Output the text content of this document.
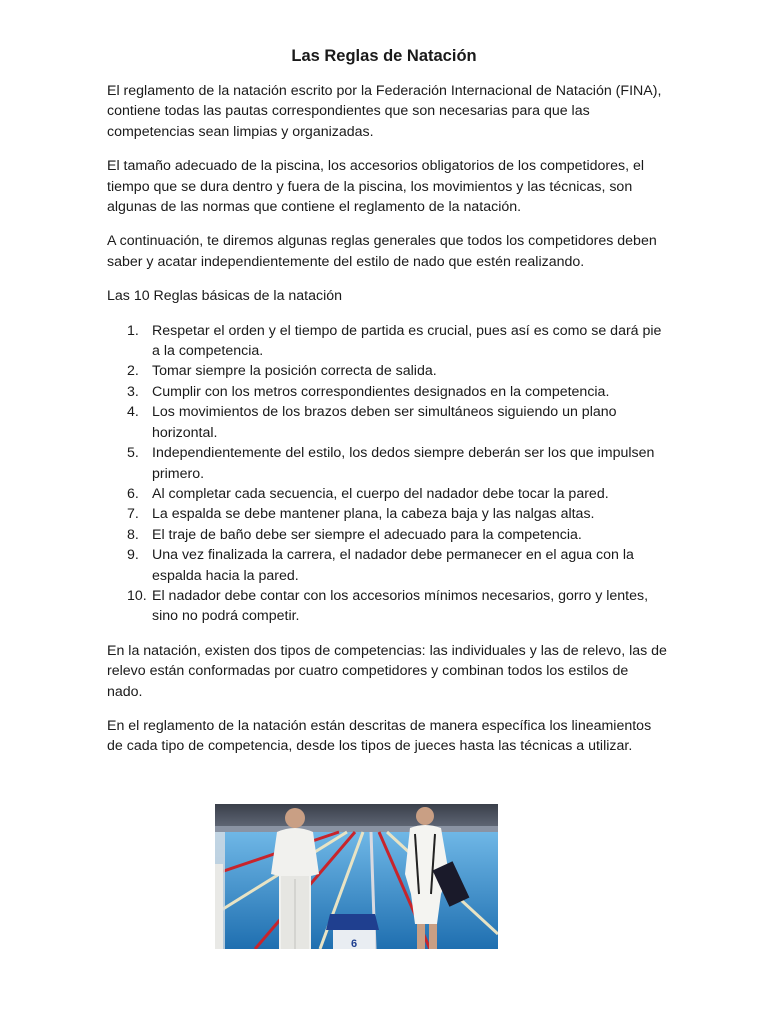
Las Reglas de Natación

El reglamento de la natación escrito por la Federación Internacional de Natación (FINA), contiene todas las pautas correspondientes que son necesarias para que las competencias sean limpias y organizadas.

El tamaño adecuado de la piscina, los accesorios obligatorios de los competidores, el tiempo que se dura dentro y fuera de la piscina, los movimientos y las técnicas, son algunas de las normas que contiene el reglamento de la natación.

A continuación, te diremos algunas reglas generales que todos los competidores deben saber y acatar independientemente del estilo de nado que estén realizando.

Las 10 Reglas básicas de la natación

1. Respetar el orden y el tiempo de partida es crucial, pues así es como se dará pie a la competencia.
2. Tomar siempre la posición correcta de salida.
3. Cumplir con los metros correspondientes designados en la competencia.
4. Los movimientos de los brazos deben ser simultáneos siguiendo un plano horizontal.
5. Independientemente del estilo, los dedos siempre deberán ser los que impulsen primero.
6. Al completar cada secuencia, el cuerpo del nadador debe tocar la pared.
7. La espalda se debe mantener plana, la cabeza baja y las nalgas altas.
8. El traje de baño debe ser siempre el adecuado para la competencia.
9. Una vez finalizada la carrera, el nadador debe permanecer en el agua con la espalda hacia la pared.
10. El nadador debe contar con los accesorios mínimos necesarios, gorro y lentes, sino no podrá competir.

En la natación, existen dos tipos de competencias: las individuales y las de relevo, las de relevo están conformadas por cuatro competidores y combinan todos los estilos de nado.

En el reglamento de la natación están descritas de manera específica los lineamientos de cada tipo de competencia, desde los tipos de jueces hasta las técnicas a utilizar.

6
